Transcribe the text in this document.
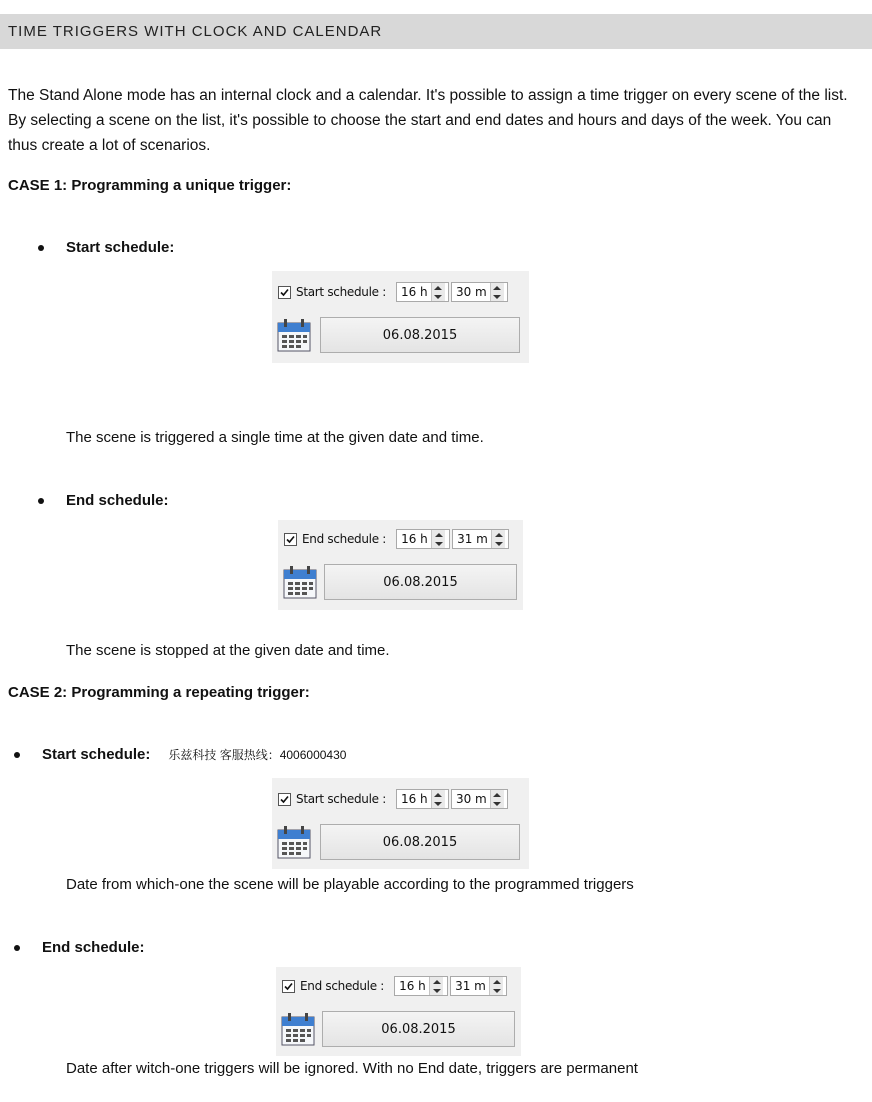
TIME TRIGGERS WITH CLOCK AND CALENDAR

The Stand Alone mode has an internal clock and a calendar. It's possible to assign a time trigger on every scene of the list. By selecting a scene on the list, it's possible to choose the start and end dates and hours and days of the week. You can thus create a lot of scenarios.

CASE 1: Programming a unique trigger:

Start schedule:
Start schedule :	16 h	30 m
06.08.2015

The scene is triggered a single time at the given date and time.

End schedule:
End schedule :	16 h	31 m
06.08.2015

The scene is stopped at the given date and time.

CASE 2: Programming a repeating trigger:

Start schedule: 乐兹科技 客服热线：4006000430
Start schedule :	16 h	30 m
06.08.2015

Date from which-one the scene will be playable according to the programmed triggers

End schedule:
End schedule :	16 h	31 m
06.08.2015

Date after witch-one triggers will be ignored. With no End date, triggers are permanent
